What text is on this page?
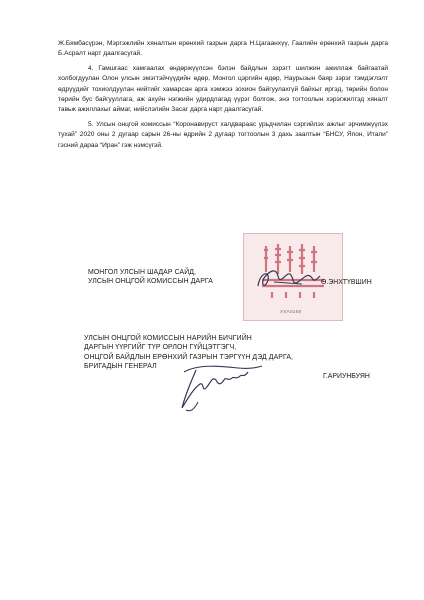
Ж.Бямбасүрэн, Мэргэжлийн хяналтын ерөнхий газрын дарга Н.Цагаанхүү, Гаалийн ерөнхий газрын дарга Б.Асралт нарт даалгасугай.

4. Гамшгаас хамгаалах өндөржүүлсэн бэлэн байдлын зэрэгт шилжин ажиллаж байгаатай холбогдуулан Олон улсын эмэгтэйчүүдийн өдөр, Монгол цэргийн өдөр, Наурызын баяр зэрэг тэмдэглэлт өдрүүдийг тохиолдуулан нийтийг хамарсан арга хэмжээ зохион байгуулахгүй байхыг иргэд, төрийн болон төрийн бус байгууллага, аж ахуйн нэгжийн удирдлагад үүрэг болгож, энэ тогтоолын хэрэгжилтэд хяналт тавьж ажиллахыг аймаг, нийслэлийн Засаг дарга нарт даалгасугай.

5. Улсын онцгой комиссын “Коронавируст халдвараас урьдчилан сэргийлэх ажлыг эрчимжүүлэх тухай” 2020 оны 2 дугаар сарын 26-ны өдрийн 2 дугаар тогтоолын 3 дахь заалтын “БНСУ, Япон, Итали” гэсний дараа “Иран” гэж нэмсүгэй.

УХА0168
МОНГОЛ УЛСЫН ШАДАР САЙД,
УЛСЫН ОНЦГОЙ КОМИССЫН ДАРГА	Ө.ЭНХТҮВШИН
УЛСЫН ОНЦГОЙ КОМИССЫН НАРИЙН БИЧГИЙН
ДАРГЫН ҮҮРГИЙГ ТҮР ОРЛОН ГҮЙЦЭТГЭГЧ,
ОНЦГОЙ БАЙДЛЫН ЕРӨНХИЙ ГАЗРЫН ТЭРГҮҮН ДЭД ДАРГА,
БРИГАДЫН ГЕНЕРАЛ
Г.АРИУНБУЯН
